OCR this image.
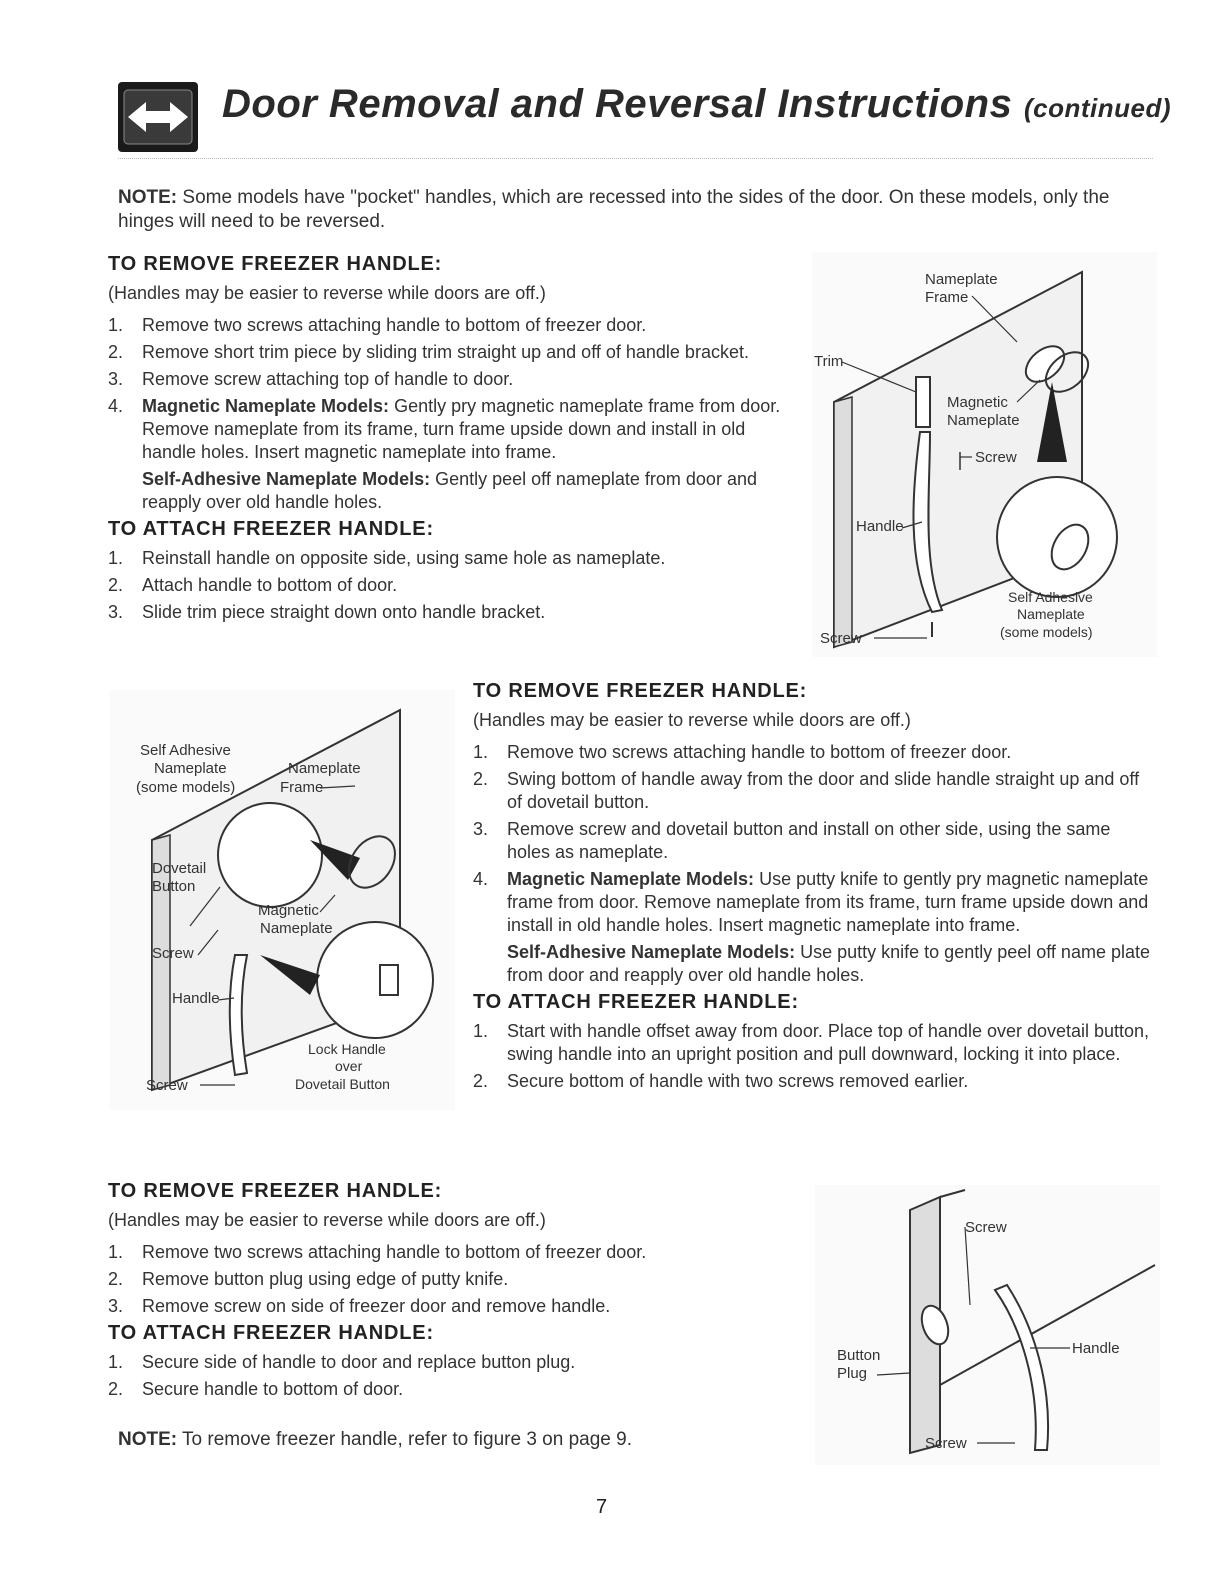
Door Removal and Reversal Instructions (continued)
NOTE: Some models have "pocket" handles, which are recessed into the sides of the door. On these models, only the hinges will need to be reversed.
TO REMOVE FREEZER HANDLE:
(Handles may be easier to reverse while doors are off.)
1. Remove two screws attaching handle to bottom of freezer door.
2. Remove short trim piece by sliding trim straight up and off of handle bracket.
3. Remove screw attaching top of handle to door.
4. Magnetic Nameplate Models: Gently pry magnetic nameplate frame from door. Remove nameplate from its frame, turn frame upside down and install in old handle holes. Insert magnetic nameplate into frame.
Self-Adhesive Nameplate Models: Gently peel off nameplate from door and reapply over old handle holes.
TO ATTACH FREEZER HANDLE:
1. Reinstall handle on opposite side, using same hole as nameplate.
2. Attach handle to bottom of door.
3. Slide trim piece straight down onto handle bracket.
Nameplate
Frame
Trim
Magnetic
Nameplate
Screw
Handle
Self Adhesive
Nameplate
(some models)
Screw
TO REMOVE FREEZER HANDLE:
(Handles may be easier to reverse while doors are off.)
1. Remove two screws attaching handle to bottom of freezer door.
2. Swing bottom of handle away from the door and slide handle straight up and off of dovetail button.
3. Remove screw and dovetail button and install on other side, using the same holes as nameplate.
4. Magnetic Nameplate Models: Use putty knife to gently pry magnetic nameplate frame from door. Remove nameplate from its frame, turn frame upside down and install in old handle holes. Insert magnetic nameplate into frame.
Self-Adhesive Nameplate Models: Use putty knife to gently peel off name plate from door and reapply over old handle holes.
TO ATTACH FREEZER HANDLE:
1. Start with handle offset away from door. Place top of handle over dovetail button, swing handle into an upright position and pull downward, locking it into place.
2. Secure bottom of handle with two screws removed earlier.
Self Adhesive
Nameplate
(some models)
Nameplate
Frame
Dovetail
Button
Magnetic
Nameplate
Screw
Handle
Lock Handle
over
Dovetail Button
Screw
TO REMOVE FREEZER HANDLE:
(Handles may be easier to reverse while doors are off.)
1. Remove two screws attaching handle to bottom of freezer door.
2. Remove button plug using edge of putty knife.
3. Remove screw on side of freezer door and remove handle.
TO ATTACH FREEZER HANDLE:
1. Secure side of handle to door and replace button plug.
2. Secure handle to bottom of door.
Screw
Handle
Button
Plug
Screw
NOTE: To remove freezer handle, refer to figure 3 on page 9.
7
